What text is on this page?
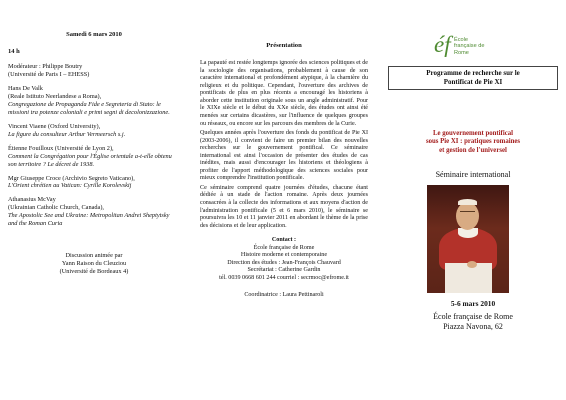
Samedi 6 mars 2010
14 h
Modérateur : Philippe Boutry
(Université de Paris I – EHESS)
Hans De Valk
(Reale Istituto Neerlandese a Roma),
Congregazione de Propaganda Fide e Segreteria di Stato: le missioni tra potenze coloniali e primi segni di decolonizzazione.
Vincent Viaene (Oxford University),
La figure du consulteur Arthur Vermeersch s.j.
Étienne Fouilloux (Université de Lyon 2),
Comment la Congrégation pour l'Église orientale a-t-elle obtenu son territoire ? Le décret de 1938.
Mgr Giuseppe Croce (Archivio Segreto Vaticano),
L'Orient chrétien au Vatican: Cyrille Korolevskij
Athanasius McVay
(Ukrainian Catholic Church, Canada),
The Apostolic See and Ukraine: Metropolitan Andrei Sheptytsky and the Roman Curia
Discussion animée par
Yann Raison du Cleuziou
(Université de Bordeaux 4)
Présentation

La papauté est restée longtemps ignorée des sciences politiques et de la sociologie des organisations, probablement à cause de son caractère international et profondément atypique, à la charnière du religieux et du politique. Cependant, l'ouverture des archives de pontificats de plus en plus récents a encouragé les historiens à aborder cette institution originale sous un angle administratif. Pour le XIXe siècle et le début du XXe siècle, des études ont ainsi été menées sur certains dicastères, sur l'influence de quelques groupes ou réseaux, ou encore sur les parcours des membres de la Curie.

Quelques années après l'ouverture des fonds du pontificat de Pie XI (2003-2006), il convient de faire un premier bilan des nouvelles recherches sur le gouvernement pontifical. Ce séminaire international est ainsi l'occasion de présenter des études de cas inédites, mais aussi d'encourager les historiens et théologiens à profiter de l'apport méthodologique des sciences sociales pour mieux comprendre l'institution pontificale.

Ce séminaire comprend quatre journées d'études, chacune étant dédiée à un stade de l'action romaine. Après deux journées consacrées à la collecte des informations et aux moyens d'action de l'administration pontificale (5 et 6 mars 2010), le séminaire se poursuivra les 10 et 11 janvier 2011 en abordant le thème de la prise des décisions et de leur application.

Contact :
École française de Rome
Histoire moderne et contemporaine
Direction des études : Jean-François Chauvard
Secrétariat : Catherine Gardin
tél. 0039 0668 601 244 courriel : secrmoc@efrome.it
Coordinatrice : Laura Pettinaroli
éf École
française de
Rome
Programme de recherche sur le
Pontificat de Pie XI
Le gouvernement pontifical
sous Pie XI : pratiques romaines
et gestion de l'universel
Séminaire international
5-6 mars 2010
École française de Rome
Piazza Navona, 62
